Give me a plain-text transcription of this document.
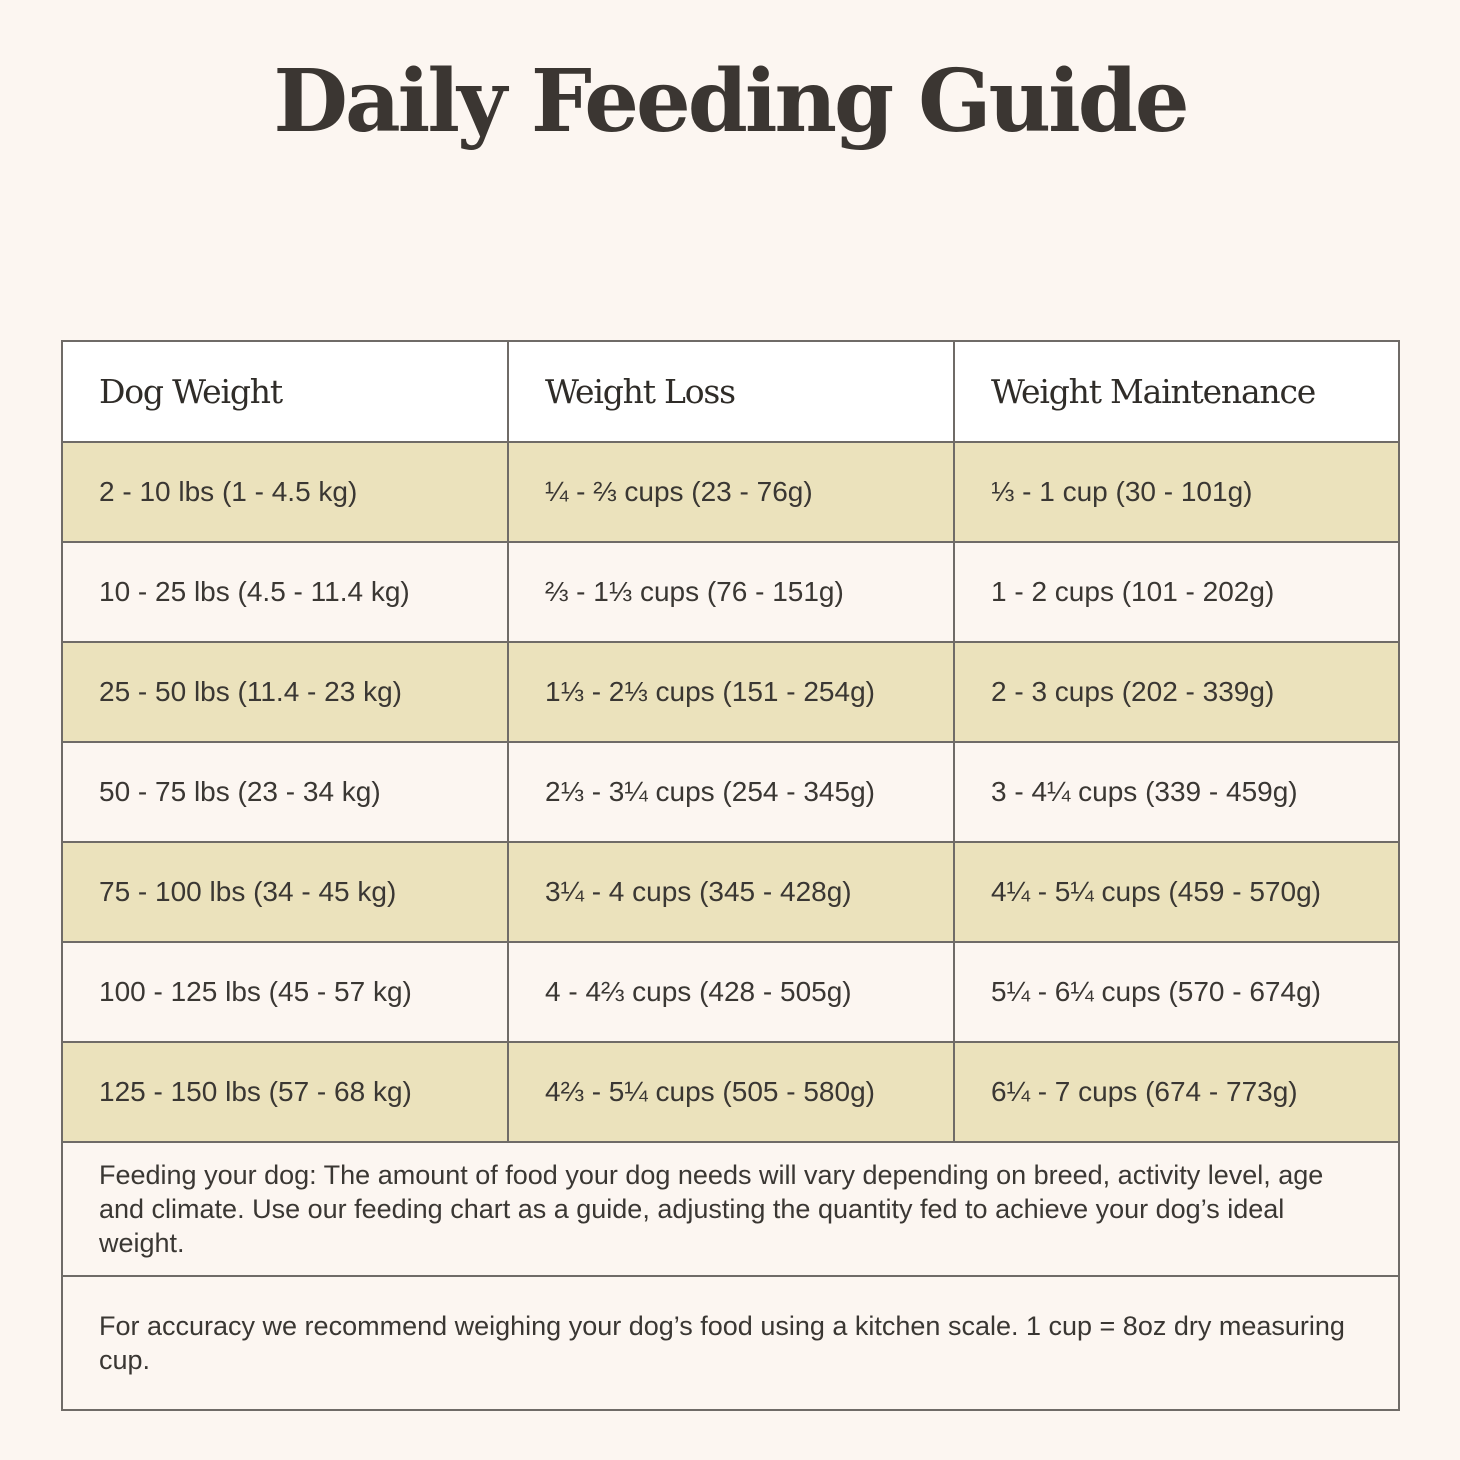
Daily Feeding Guide
Dog Weight	Weight Loss	Weight Maintenance
2 - 10 lbs (1 - 4.5 kg)	¼ - ⅔ cups (23 - 76g)	⅓ - 1 cup (30 - 101g)
10 - 25 lbs (4.5 - 11.4 kg)	⅔ - 1⅓ cups (76 - 151g)	1 - 2 cups (101 - 202g)
25 - 50 lbs (11.4 - 23 kg)	1⅓ - 2⅓ cups (151 - 254g)	2 - 3 cups (202 - 339g)
50 - 75 lbs (23 - 34 kg)	2⅓ - 3¼ cups (254 - 345g)	3 - 4¼ cups (339 - 459g)
75 - 100 lbs (34 - 45 kg)	3¼ - 4 cups (345 - 428g)	4¼ - 5¼ cups (459 - 570g)
100 - 125 lbs (45 - 57 kg)	4 - 4⅔ cups (428 - 505g)	5¼ - 6¼ cups (570 - 674g)
125 - 150 lbs (57 - 68 kg)	4⅔ - 5¼ cups (505 - 580g)	6¼ - 7 cups (674 - 773g)
Feeding your dog: The amount of food your dog needs will vary depending on breed, activity level, age and climate. Use our feeding chart as a guide, adjusting the quantity fed to achieve your dog’s ideal weight.		
For accuracy we recommend weighing your dog’s food using a kitchen scale. 1 cup = 8oz dry measuring cup.		
